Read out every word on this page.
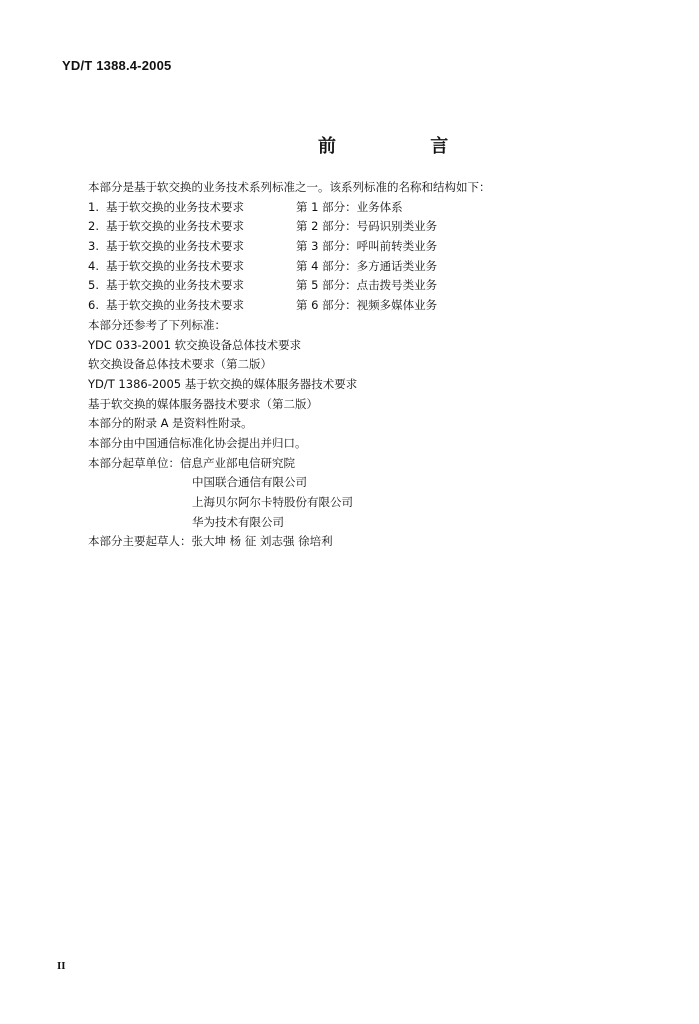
YD/T 1388.4-2005
前 言
本部分是基于软交换的业务技术系列标准之一。该系列标准的名称和结构如下：
1. 基于软交换的业务技术要求	第 1 部分：业务体系
2. 基于软交换的业务技术要求	第 2 部分：号码识别类业务
3. 基于软交换的业务技术要求	第 3 部分：呼叫前转类业务
4. 基于软交换的业务技术要求	第 4 部分：多方通话类业务
5. 基于软交换的业务技术要求	第 5 部分：点击拨号类业务
6. 基于软交换的业务技术要求	第 6 部分：视频多媒体业务
本部分还参考了下列标准：
YDC 033-2001 软交换设备总体技术要求
软交换设备总体技术要求（第二版）
YD/T 1386-2005 基于软交换的媒体服务器技术要求
基于软交换的媒体服务器技术要求（第二版）
本部分的附录 A 是资料性附录。
本部分由中国通信标准化协会提出并归口。
本部分起草单位：信息产业部电信研究院
中国联合通信有限公司
上海贝尔阿尔卡特股份有限公司
华为技术有限公司
本部分主要起草人：张大坤 杨 征 刘志强 徐培利
II
